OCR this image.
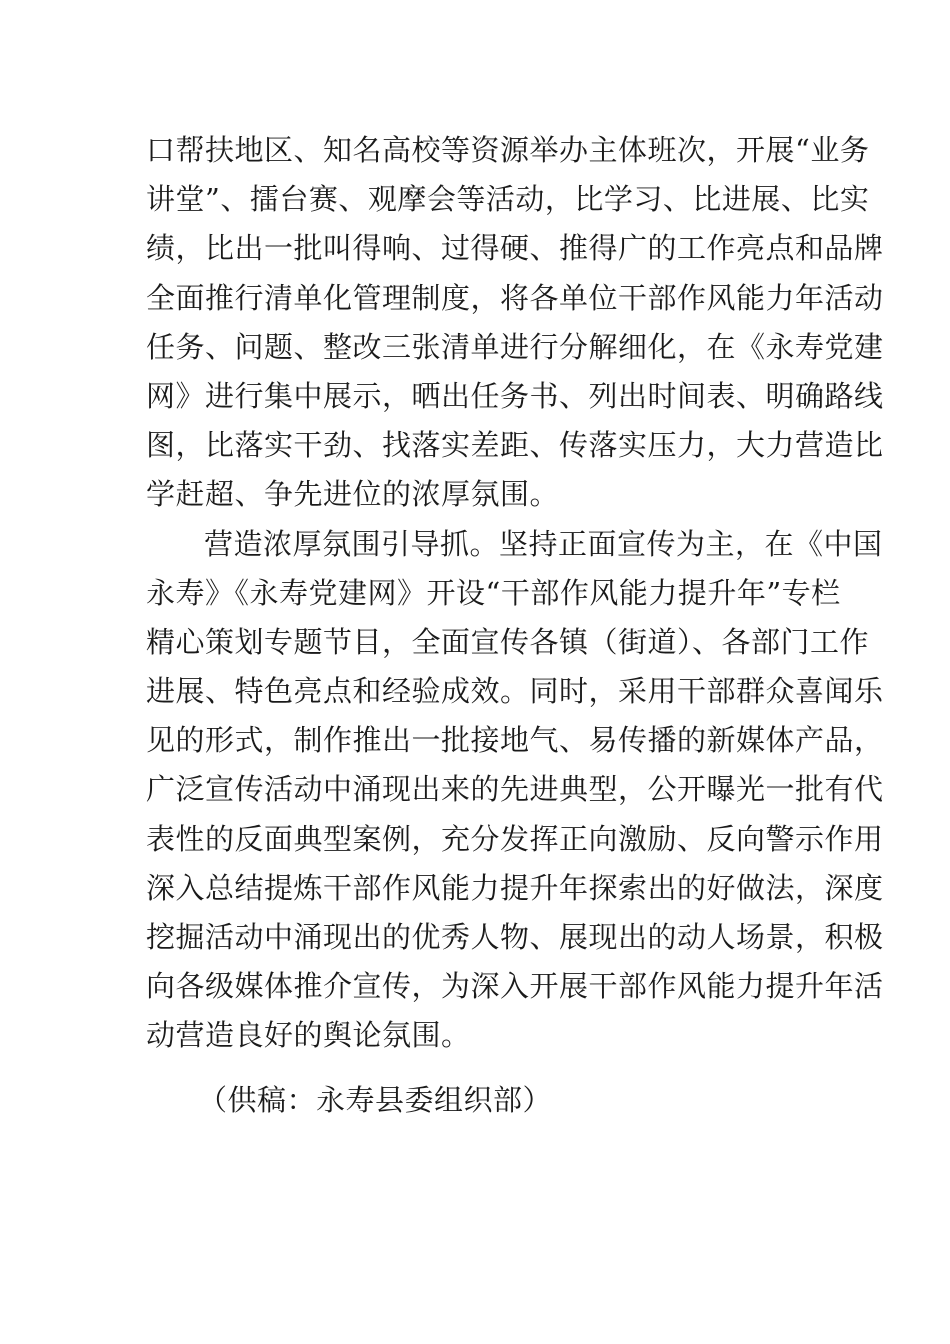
口帮扶地区、知名高校等资源举办主体班次，开展“业务
讲堂”、擂台赛、观摩会等活动，比学习、比进展、比实
绩，比出一批叫得响、过得硬、推得广的工作亮点和品牌
全面推行清单化管理制度，将各单位干部作风能力年活动
任务、问题、整改三张清单进行分解细化，在《永寿党建
网》进行集中展示，晒出任务书、列出时间表、明确路线
图，比落实干劲、找落实差距、传落实压力，大力营造比
学赶超、争先进位的浓厚氛围。
营造浓厚氛围引导抓。坚持正面宣传为主，在《中国
永寿》《永寿党建网》开设“干部作风能力提升年”专栏
精心策划专题节目，全面宣传各镇（街道）、各部门工作
进展、特色亮点和经验成效。同时，采用干部群众喜闻乐
见的形式，制作推出一批接地气、易传播的新媒体产品，
广泛宣传活动中涌现出来的先进典型，公开曝光一批有代
表性的反面典型案例，充分发挥正向激励、反向警示作用
深入总结提炼干部作风能力提升年探索出的好做法，深度
挖掘活动中涌现出的优秀人物、展现出的动人场景，积极
向各级媒体推介宣传，为深入开展干部作风能力提升年活
动营造良好的舆论氛围。
（供稿：永寿县委组织部）
